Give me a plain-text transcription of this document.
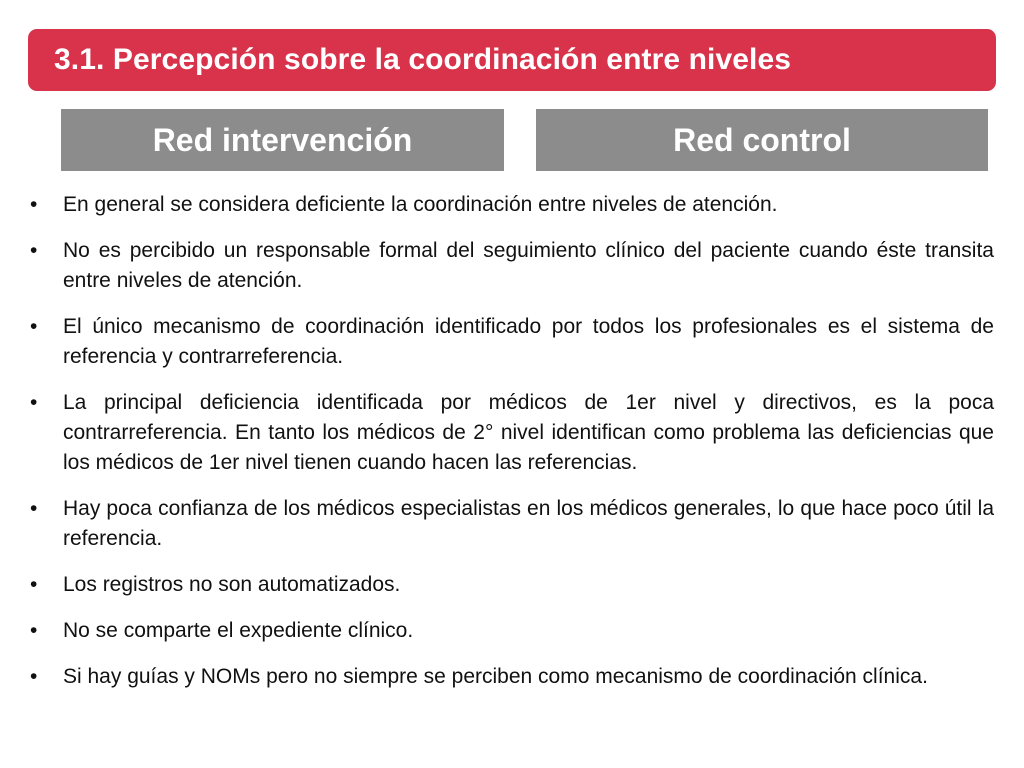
3.1. Percepción sobre la coordinación entre niveles
Red intervención	Red control
•	En general se considera deficiente la coordinación entre niveles de atención.
•	No es percibido un responsable formal del seguimiento clínico del paciente cuando éste transita entre niveles de atención.
•	El único mecanismo de coordinación identificado por todos los profesionales es el sistema de referencia y contrarreferencia.
•	La principal deficiencia identificada por médicos de 1er nivel y directivos, es la poca contrarreferencia. En tanto los médicos de 2° nivel identifican como problema las deficiencias que los médicos de 1er nivel tienen cuando hacen las referencias.
•	Hay poca confianza de los médicos especialistas en los médicos generales, lo que hace poco útil la referencia.
•	Los registros no son automatizados.
•	No se comparte el expediente clínico.
•	Si hay guías y NOMs pero no siempre se perciben como mecanismo de coordinación clínica.
